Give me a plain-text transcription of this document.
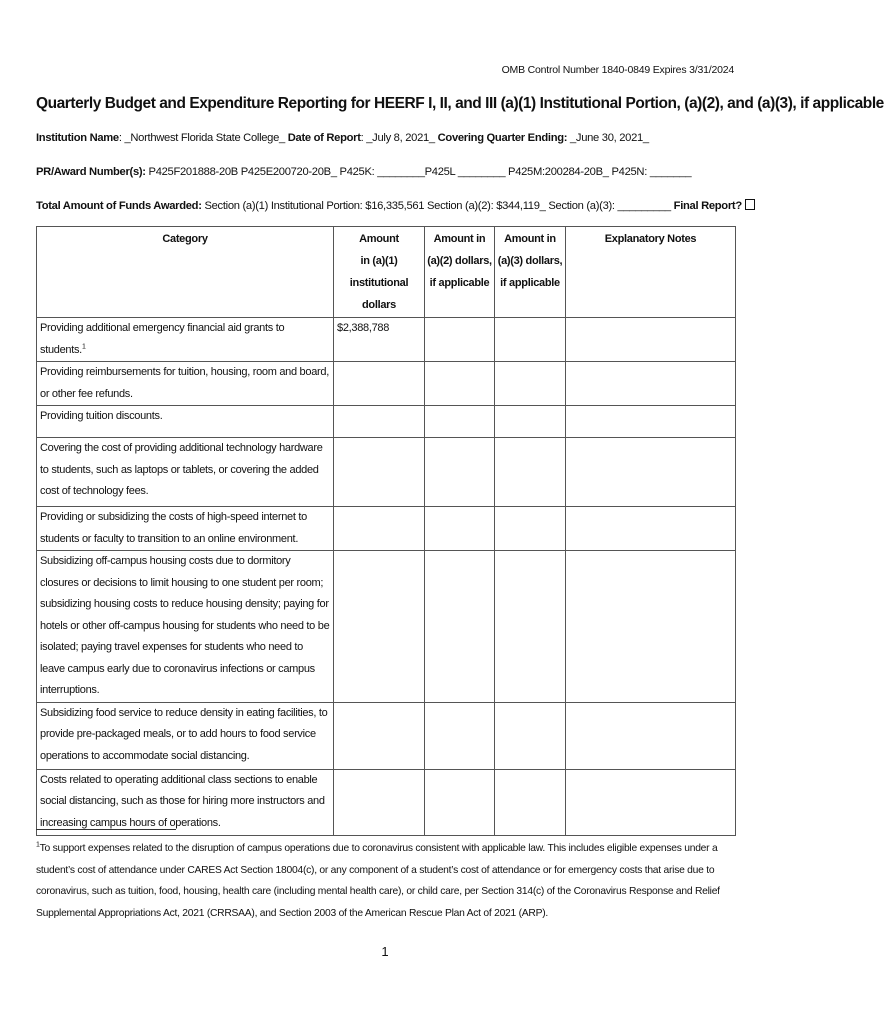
OMB Control Number 1840-0849 Expires 3/31/2024
Quarterly Budget and Expenditure Reporting for HEERF I, II, and III (a)(1) Institutional Portion, (a)(2), and (a)(3), if applicable
Institution Name: _Northwest Florida State College_ Date of Report: _July 8, 2021_ Covering Quarter Ending: _June 30, 2021_
PR/Award Number(s): P425F201888-20B P425E200720-20B_ P425K: ________P425L ________ P425M:200284-20B_ P425N: _______
Total Amount of Funds Awarded: Section (a)(1) Institutional Portion: $16,335,561 Section (a)(2): $344,119_ Section (a)(3): _________ Final Report?
Category	Amount
in (a)(1)
institutional dollars	Amount in
(a)(2) dollars,
if applicable	Amount in
(a)(3) dollars,
if applicable	Explanatory Notes
Providing additional emergency financial aid grants to students.$^1$	$2,388,788			
Providing reimbursements for tuition, housing, room and board, or other fee refunds.				
Providing tuition discounts.				
Covering the cost of providing additional technology hardware to students, such as laptops or tablets, or covering the added cost of technology fees.				
Providing or subsidizing the costs of high-speed internet to students or faculty to transition to an online environment.				
Subsidizing off-campus housing costs due to dormitory closures or decisions to limit housing to one student per room; subsidizing housing costs to reduce housing density; paying for hotels or other off-campus housing for students who need to be isolated; paying travel expenses for students who need to leave campus early due to coronavirus infections or campus interruptions.				
Subsidizing food service to reduce density in eating facilities, to provide pre-packaged meals, or to add hours to food service operations to accommodate social distancing.				
Costs related to operating additional class sections to enable social distancing, such as those for hiring more instructors and increasing campus hours of operations.				
$^1$To support expenses related to the disruption of campus operations due to coronavirus consistent with applicable law. This includes eligible expenses under a student’s cost of attendance under CARES Act Section 18004(c), or any component of a student’s cost of attendance or for emergency costs that arise due to coronavirus, such as tuition, food, housing, health care (including mental health care), or child care, per Section 314(c) of the Coronavirus Response and Relief Supplemental Appropriations Act, 2021 (CRRSAA), and Section 2003 of the American Rescue Plan Act of 2021 (ARP).
1
